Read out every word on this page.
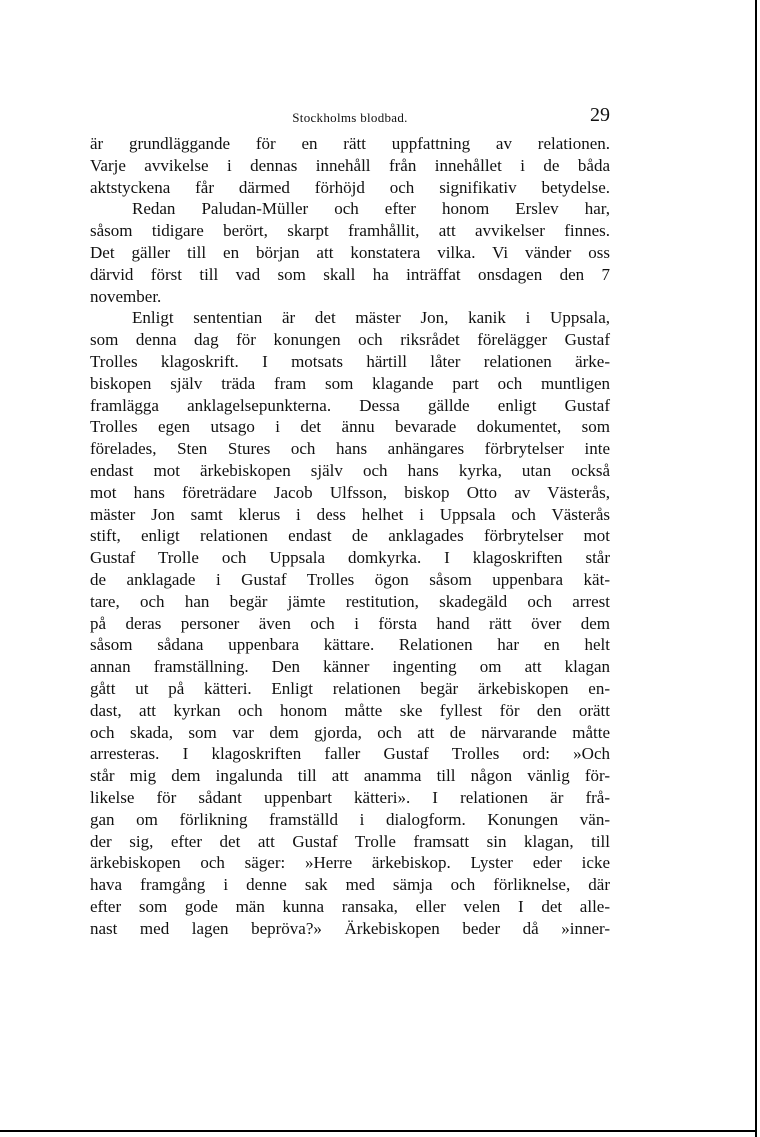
Stockholms blodbad.	29
är grundläggande för en rätt uppfattning av relationen.
Varje avvikelse i dennas innehåll från innehållet i de båda
aktstyckena får därmed förhöjd och signifikativ betydelse.
Redan Paludan-Müller och efter honom Erslev har,
såsom tidigare berört, skarpt framhållit, att avvikelser finnes.
Det gäller till en början att konstatera vilka. Vi vänder oss
därvid först till vad som skall ha inträffat onsdagen den 7
november.
Enligt sententian är det mäster Jon, kanik i Uppsala,
som denna dag för konungen och riksrådet förelägger Gustaf
Trolles klagoskrift. I motsats härtill låter relationen ärke-
biskopen själv träda fram som klagande part och muntligen
framlägga anklagelsepunkterna. Dessa gällde enligt Gustaf
Trolles egen utsago i det ännu bevarade dokumentet, som
förelades, Sten Stures och hans anhängares förbrytelser inte
endast mot ärkebiskopen själv och hans kyrka, utan också
mot hans företrädare Jacob Ulfsson, biskop Otto av Västerås,
mäster Jon samt klerus i dess helhet i Uppsala och Västerås
stift, enligt relationen endast de anklagades förbrytelser mot
Gustaf Trolle och Uppsala domkyrka. I klagoskriften står
de anklagade i Gustaf Trolles ögon såsom uppenbara kät-
tare, och han begär jämte restitution, skadegäld och arrest
på deras personer även och i första hand rätt över dem
såsom sådana uppenbara kättare. Relationen har en helt
annan framställning. Den känner ingenting om att klagan
gått ut på kätteri. Enligt relationen begär ärkebiskopen en-
dast, att kyrkan och honom måtte ske fyllest för den orätt
och skada, som var dem gjorda, och att de närvarande måtte
arresteras. I klagoskriften faller Gustaf Trolles ord: »Och
står mig dem ingalunda till att anamma till någon vänlig för-
likelse för sådant uppenbart kätteri». I relationen är frå-
gan om förlikning framställd i dialogform. Konungen vän-
der sig, efter det att Gustaf Trolle framsatt sin klagan, till
ärkebiskopen och säger: »Herre ärkebiskop. Lyster eder icke
hava framgång i denne sak med sämja och förliknelse, där
efter som gode män kunna ransaka, eller velen I det alle-
nast med lagen bepröva?» Ärkebiskopen beder då »inner-
